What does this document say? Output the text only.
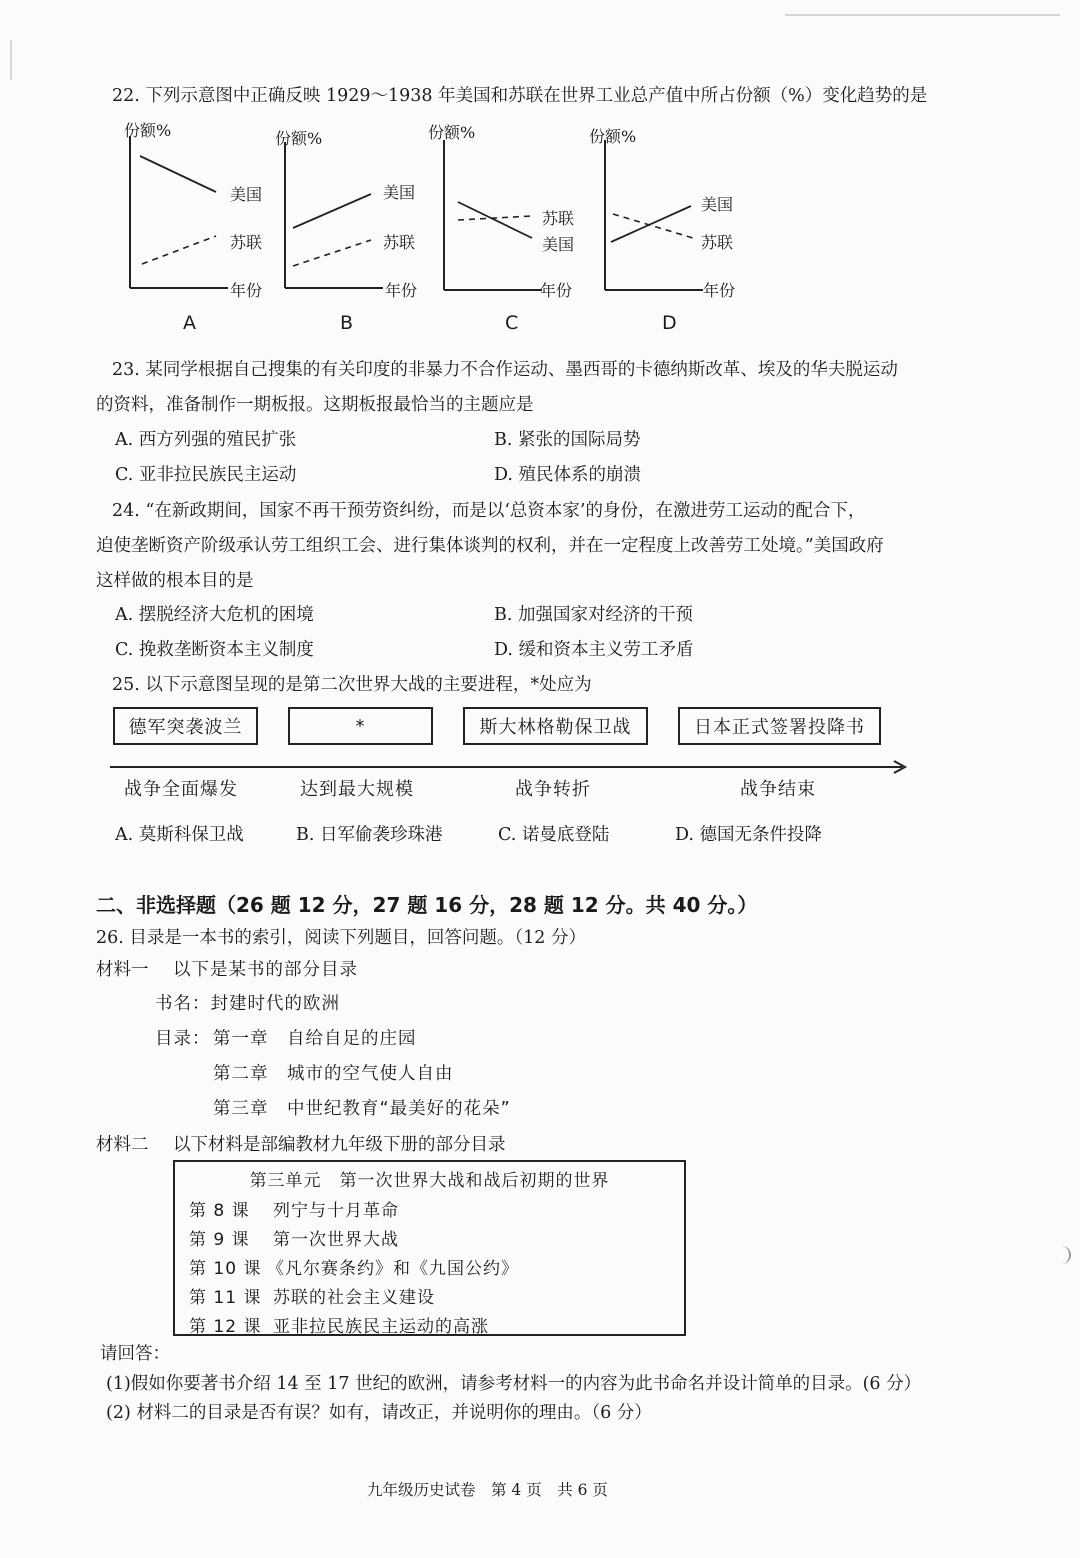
22. 下列示意图中正确反映 1929～1938 年美国和苏联在世界工业总产值中所占份额（%）变化趋势的是
份额%
美国
苏联
年份
A
份额%
美国
苏联
年份
B
份额%
苏联
美国
年份
C
份额%
美国
苏联
年份
D
23. 某同学根据自己搜集的有关印度的非暴力不合作运动、墨西哥的卡德纳斯改革、埃及的华夫脱运动
的资料，准备制作一期板报。这期板报最恰当的主题应是
A. 西方列强的殖民扩张	B. 紧张的国际局势
C. 亚非拉民族民主运动	D. 殖民体系的崩溃
24. “在新政期间，国家不再干预劳资纠纷，而是以‘总资本家’的身份，在激进劳工运动的配合下，
迫使垄断资产阶级承认劳工组织工会、进行集体谈判的权利，并在一定程度上改善劳工处境。”美国政府
这样做的根本目的是
A. 摆脱经济大危机的困境	B. 加强国家对经济的干预
C. 挽救垄断资本主义制度	D. 缓和资本主义劳工矛盾
25. 以下示意图呈现的是第二次世界大战的主要进程，*处应为
德军突袭波兰	*	斯大林格勒保卫战	日本正式签署投降书
战争全面爆发	达到最大规模	战争转折	战争结束
A. 莫斯科保卫战	B. 日军偷袭珍珠港	C. 诺曼底登陆	D. 德国无条件投降
二、非选择题（26 题 12 分，27 题 16 分，28 题 12 分。共 40 分。）
26. 目录是一本书的索引，阅读下列题目，回答问题。（12 分）
材料一 以下是某书的部分目录
书名：封建时代的欧洲
目录： 第一章　自给自足的庄园
第二章　城市的空气使人自由
第三章　中世纪教育“最美好的花朵”
材料二 以下材料是部编教材九年级下册的部分目录
第三单元　第一次世界大战和战后初期的世界
第 8 课 列宁与十月革命
第 9 课 第一次世界大战
第 10 课 《凡尔赛条约》和《九国公约》
第 11 课 苏联的社会主义建设
第 12 课 亚非拉民族民主运动的高涨
请回答：
(1)假如你要著书介绍 14 至 17 世纪的欧洲，请参考材料一的内容为此书命名并设计简单的目录。(6 分）
(2) 材料二的目录是否有误？如有，请改正，并说明你的理由。（6 分）
九年级历史试卷　第 4 页　共 6 页
